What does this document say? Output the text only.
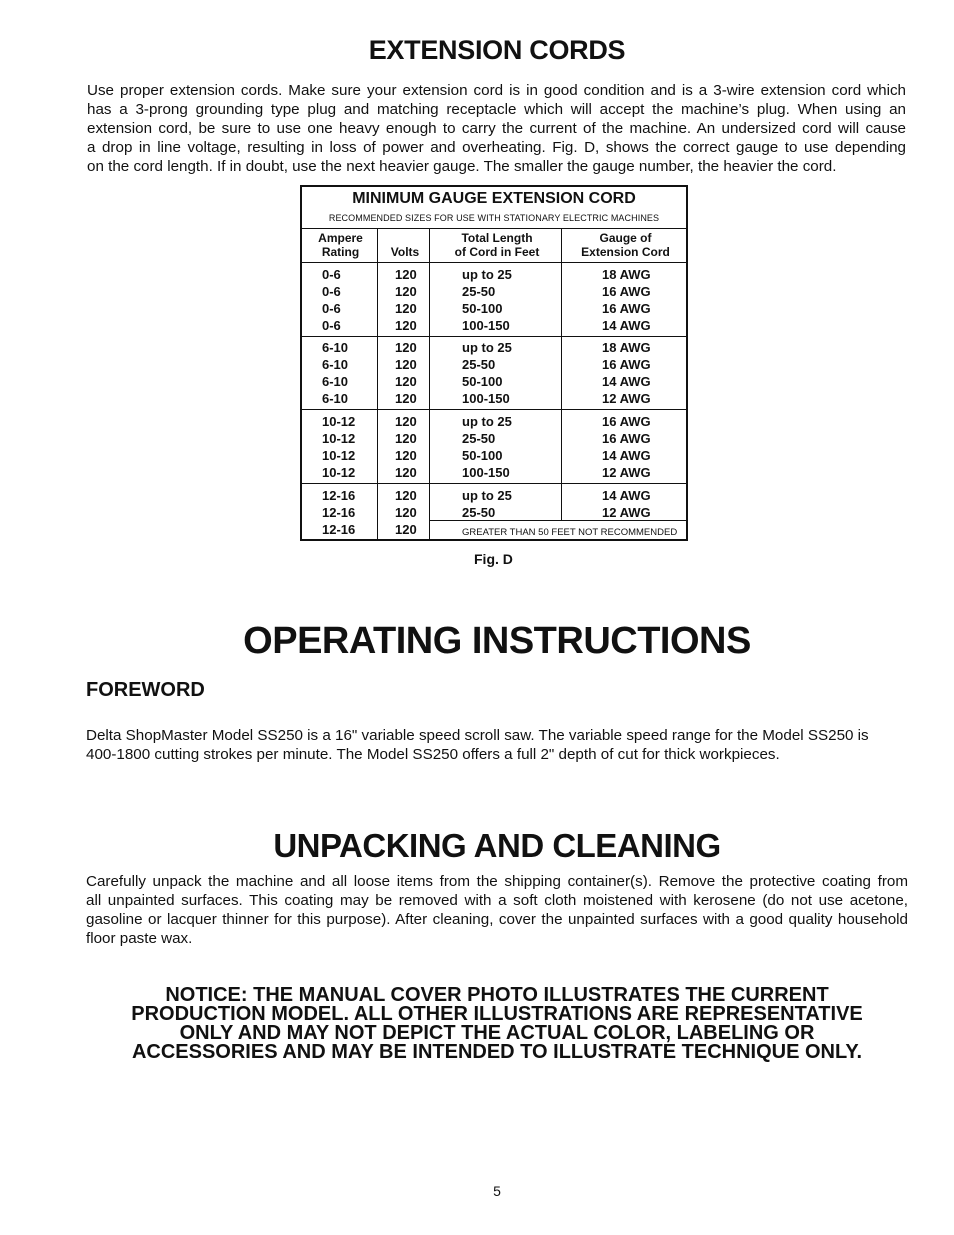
EXTENSION CORDS
Use proper extension cords. Make sure your extension cord is in good condition and is a 3-wire extension cord which
has a 3-prong grounding type plug and matching receptacle which will accept the machine’s plug. When using an
extension cord, be sure to use one heavy enough to carry the current of the machine. An undersized cord will cause
a drop in line voltage, resulting in loss of power and overheating. Fig. D, shows the correct gauge to use depending
on the cord length. If in doubt, use the next heavier gauge. The smaller the gauge number, the heavier the cord.
MINIMUM GAUGE EXTENSION CORD
RECOMMENDED SIZES FOR USE WITH STATIONARY ELECTRIC MACHINES
Ampere
Rating	Volts
Total Length
of Cord in Feet
Gauge of
Extension Cord
0-6
0-6
0-6
0-6
120
120
120
120
up to 25
25-50
50-100
100-150
18 AWG
16 AWG
16 AWG
14 AWG
6-10
6-10
6-10
6-10
120
120
120
120
up to 25
25-50
50-100
100-150
18 AWG
16 AWG
14 AWG
12 AWG
10-12
10-12
10-12
10-12
120
120
120
120
up to 25
25-50
50-100
100-150
16 AWG
16 AWG
14 AWG
12 AWG
12-16
12-16
12-16
120
120
120
up to 25
25-50
14 AWG
12 AWG
GREATER THAN 50 FEET NOT RECOMMENDED
Fig. D
OPERATING INSTRUCTIONS
FOREWORD
Delta ShopMaster Model SS250 is a 16" variable speed scroll saw. The variable speed range for the Model SS250 is
400-1800 cutting strokes per minute. The Model SS250 offers a full 2" depth of cut for thick workpieces.
UNPACKING AND CLEANING
Carefully unpack the machine and all loose items from the shipping container(s). Remove the protective coating from
all unpainted surfaces. This coating may be removed with a soft cloth moistened with kerosene (do not use acetone,
gasoline or lacquer thinner for this purpose). After cleaning, cover the unpainted surfaces with a good quality household
floor paste wax.
NOTICE: THE MANUAL COVER PHOTO ILLUSTRATES THE CURRENT
PRODUCTION MODEL. ALL OTHER ILLUSTRATIONS ARE REPRESENTATIVE
ONLY AND MAY NOT DEPICT THE ACTUAL COLOR, LABELING OR
ACCESSORIES AND MAY BE INTENDED TO ILLUSTRATE TECHNIQUE ONLY.
5
